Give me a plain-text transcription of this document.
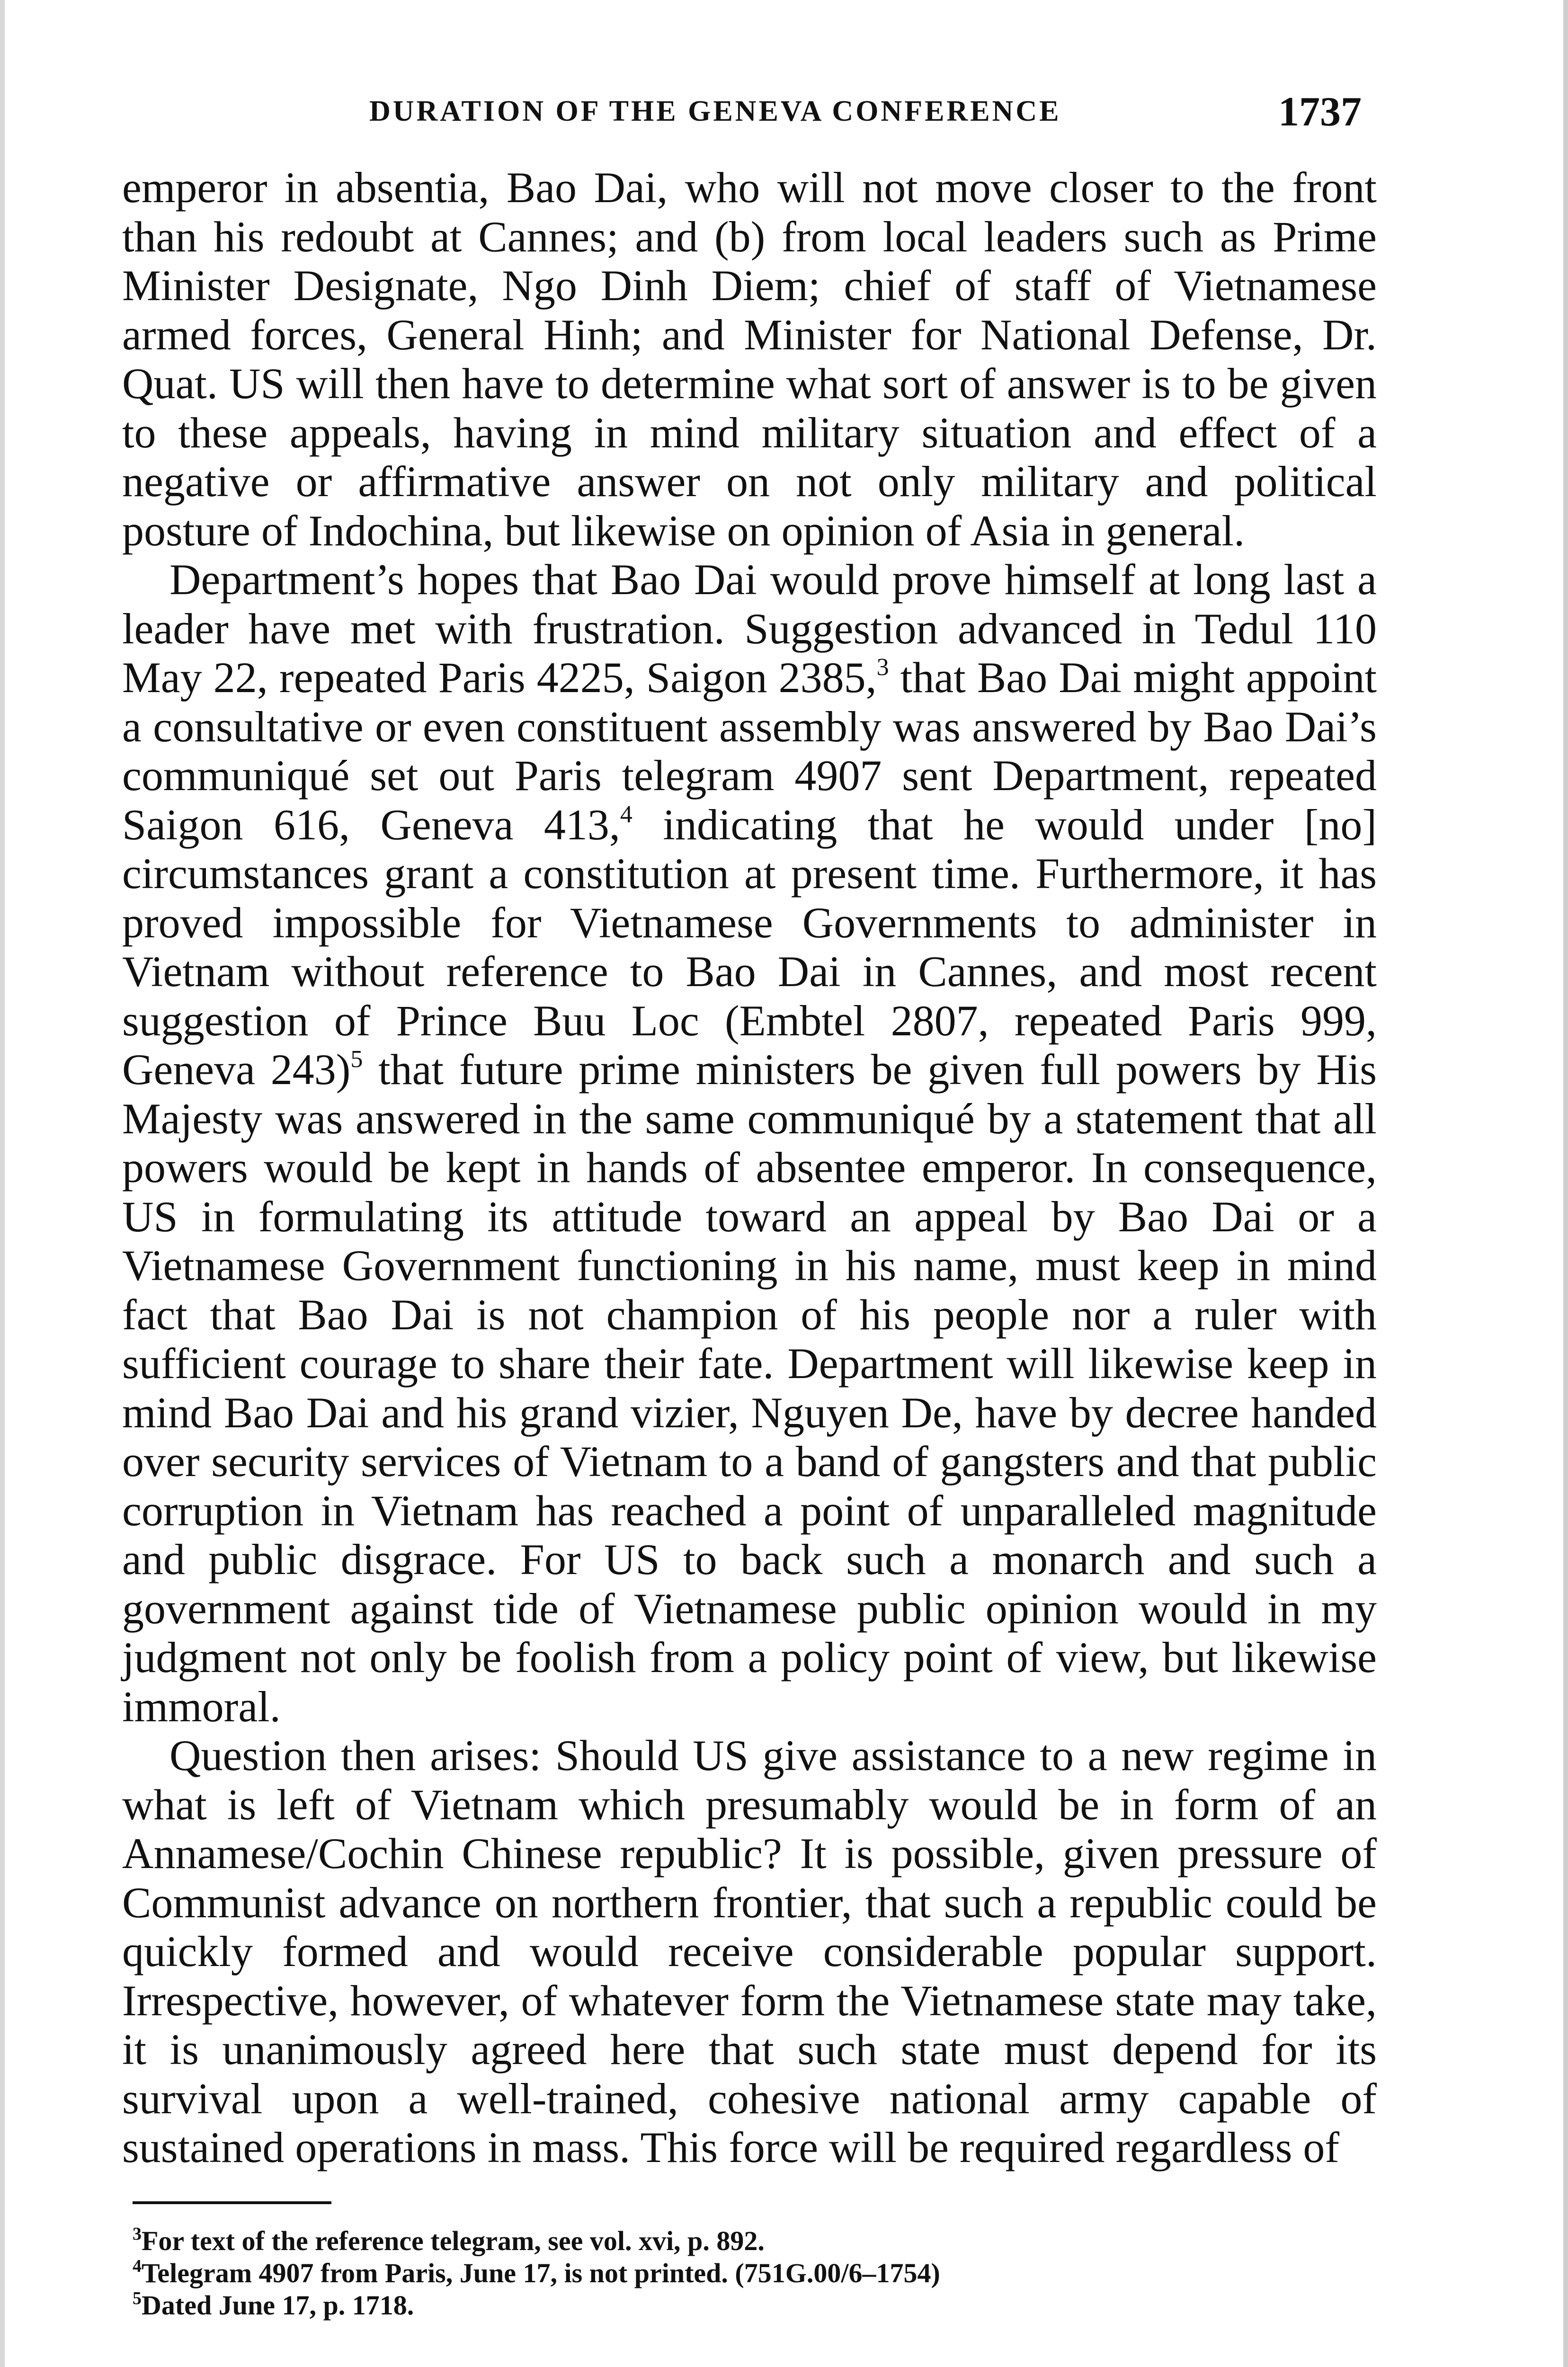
DURATION OF THE GENEVA CONFERENCE	1737

emperor in absentia, Bao Dai, who will not move closer to the front than his redoubt at Cannes; and (b) from local leaders such as Prime Minister Designate, Ngo Dinh Diem; chief of staff of Vietnamese armed forces, General Hinh; and Minister for National Defense, Dr. Quat. US will then have to determine what sort of answer is to be given to these appeals, having in mind military situation and effect of a negative or affirmative answer on not only military and political posture of Indochina, but likewise on opinion of Asia in general.

Department’s hopes that Bao Dai would prove himself at long last a leader have met with frustration. Suggestion advanced in Tedul 110 May 22, repeated Paris 4225, Saigon 2385,$^3$ that Bao Dai might appoint a consultative or even constituent assembly was answered by Bao Dai’s communiqué set out Paris telegram 4907 sent Department, repeated Saigon 616, Geneva 413,$^4$ indicating that he would under [no] circumstances grant a constitution at present time. Furthermore, it has proved impossible for Vietnamese Governments to administer in Vietnam without reference to Bao Dai in Cannes, and most recent suggestion of Prince Buu Loc (Embtel 2807, repeated Paris 999, Geneva 243)$^5$ that future prime ministers be given full powers by His Majesty was answered in the same communiqué by a statement that all powers would be kept in hands of absentee emperor. In consequence, US in formulating its attitude toward an appeal by Bao Dai or a Vietnamese Government functioning in his name, must keep in mind fact that Bao Dai is not champion of his people nor a ruler with sufficient courage to share their fate. Department will likewise keep in mind Bao Dai and his grand vizier, Nguyen De, have by decree handed over security services of Vietnam to a band of gangsters and that public corruption in Vietnam has reached a point of unparalleled magnitude and public disgrace. For US to back such a monarch and such a government against tide of Vietnamese public opinion would in my judgment not only be foolish from a policy point of view, but likewise immoral.

Question then arises: Should US give assistance to a new regime in what is left of Vietnam which presumably would be in form of an Annamese/Cochin Chinese republic? It is possible, given pressure of Communist advance on northern frontier, that such a republic could be quickly formed and would receive considerable popular support. Irrespective, however, of whatever form the Vietnamese state may take, it is unanimously agreed here that such state must depend for its survival upon a well-trained, cohesive national army capable of sustained operations in mass. This force will be required regardless of

$^3$For text of the reference telegram, see vol. xvi, p. 892.

$^4$Telegram 4907 from Paris, June 17, is not printed. (751G.00/6–1754)

$^5$Dated June 17, p. 1718.
